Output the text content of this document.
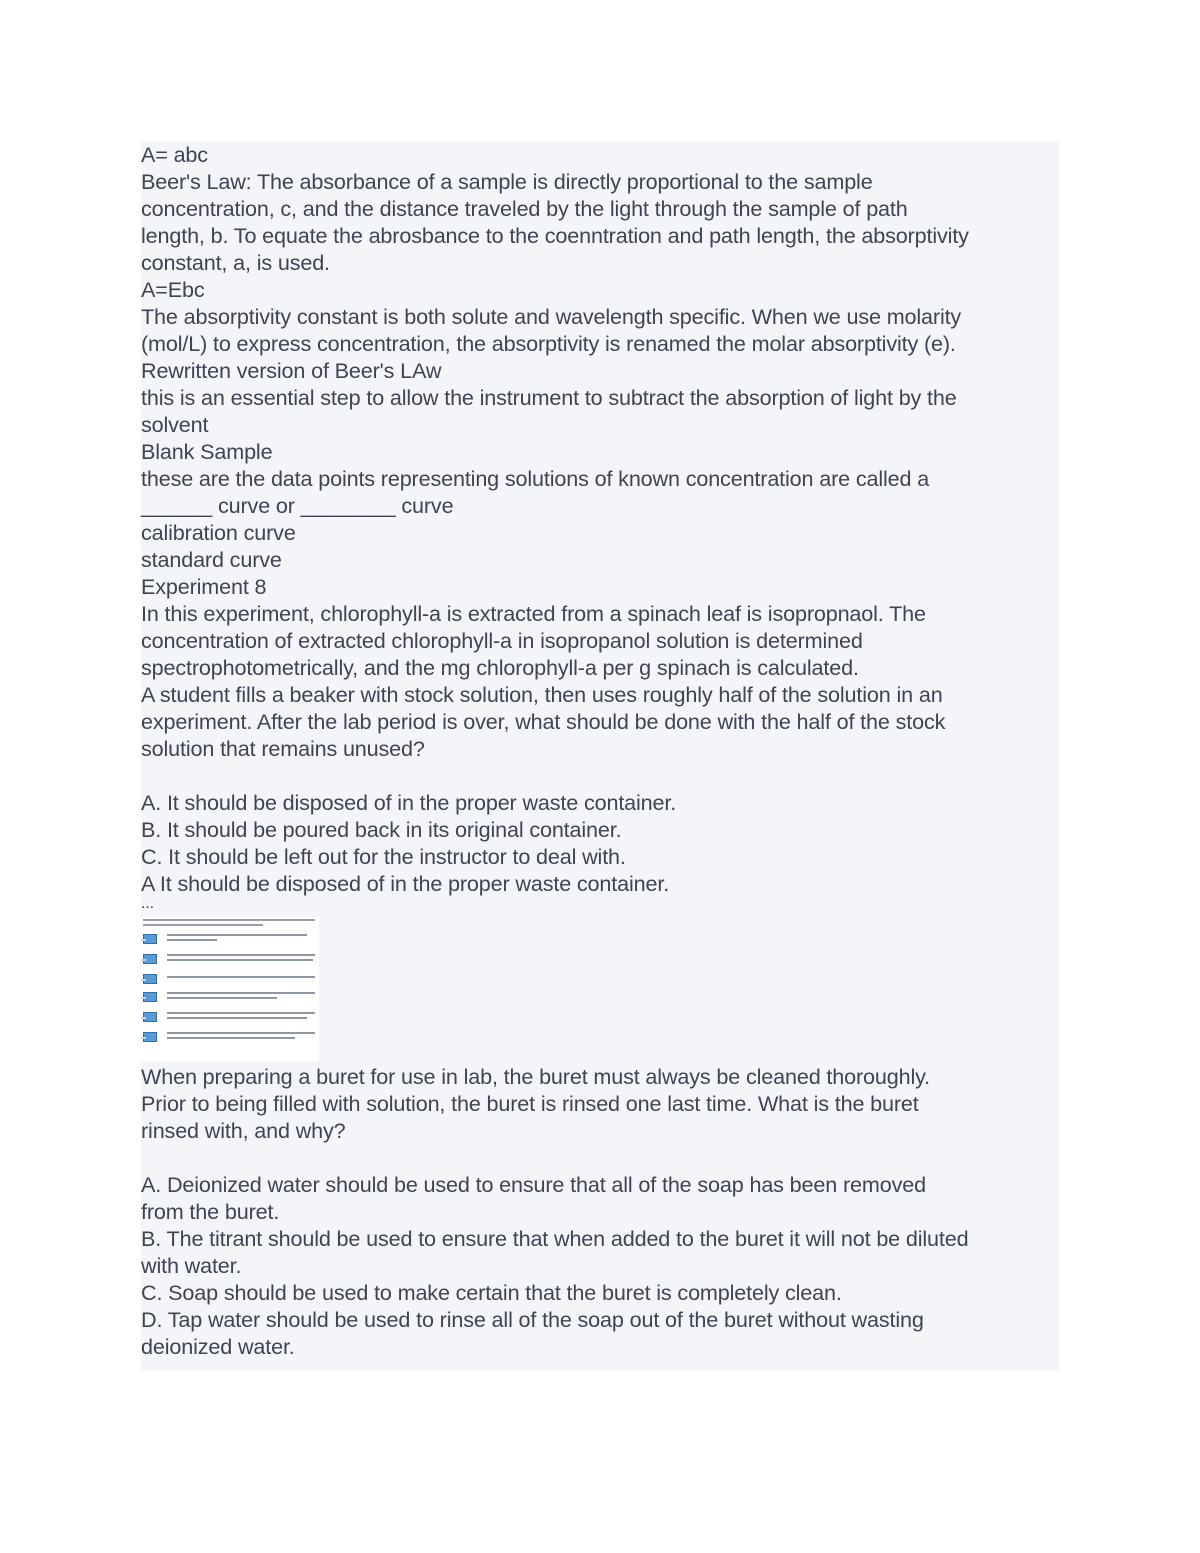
A= abc
Beer's Law: The absorbance of a sample is directly proportional to the sample
concentration, c, and the distance traveled by the light through the sample of path
length, b. To equate the abrosbance to the coenntration and path length, the absorptivity
constant, a, is used.
A=Ebc
The absorptivity constant is both solute and wavelength specific. When we use molarity
(mol/L) to express concentration, the absorptivity is renamed the molar absorptivity (e).
Rewritten version of Beer's LAw
this is an essential step to allow the instrument to subtract the absorption of light by the
solvent
Blank Sample
these are the data points representing solutions of known concentration are called a
______ curve or ________ curve
calibration curve
standard curve
Experiment 8
In this experiment, chlorophyll-a is extracted from a spinach leaf is isopropnaol. The
concentration of extracted chlorophyll-a in isopropanol solution is determined
spectrophotometrically, and the mg chlorophyll-a per g spinach is calculated.
A student fills a beaker with stock solution, then uses roughly half of the solution in an
experiment. After the lab period is over, what should be done with the half of the stock
solution that remains unused?
A. It should be disposed of in the proper waste container.
B. It should be poured back in its original container.
C. It should be left out for the instructor to deal with.
A It should be disposed of in the proper waste container.
...
When preparing a buret for use in lab, the buret must always be cleaned thoroughly.
Prior to being filled with solution, the buret is rinsed one last time. What is the buret
rinsed with, and why?
A. Deionized water should be used to ensure that all of the soap has been removed
from the buret.
B. The titrant should be used to ensure that when added to the buret it will not be diluted
with water.
C. Soap should be used to make certain that the buret is completely clean.
D. Tap water should be used to rinse all of the soap out of the buret without wasting
deionized water.
